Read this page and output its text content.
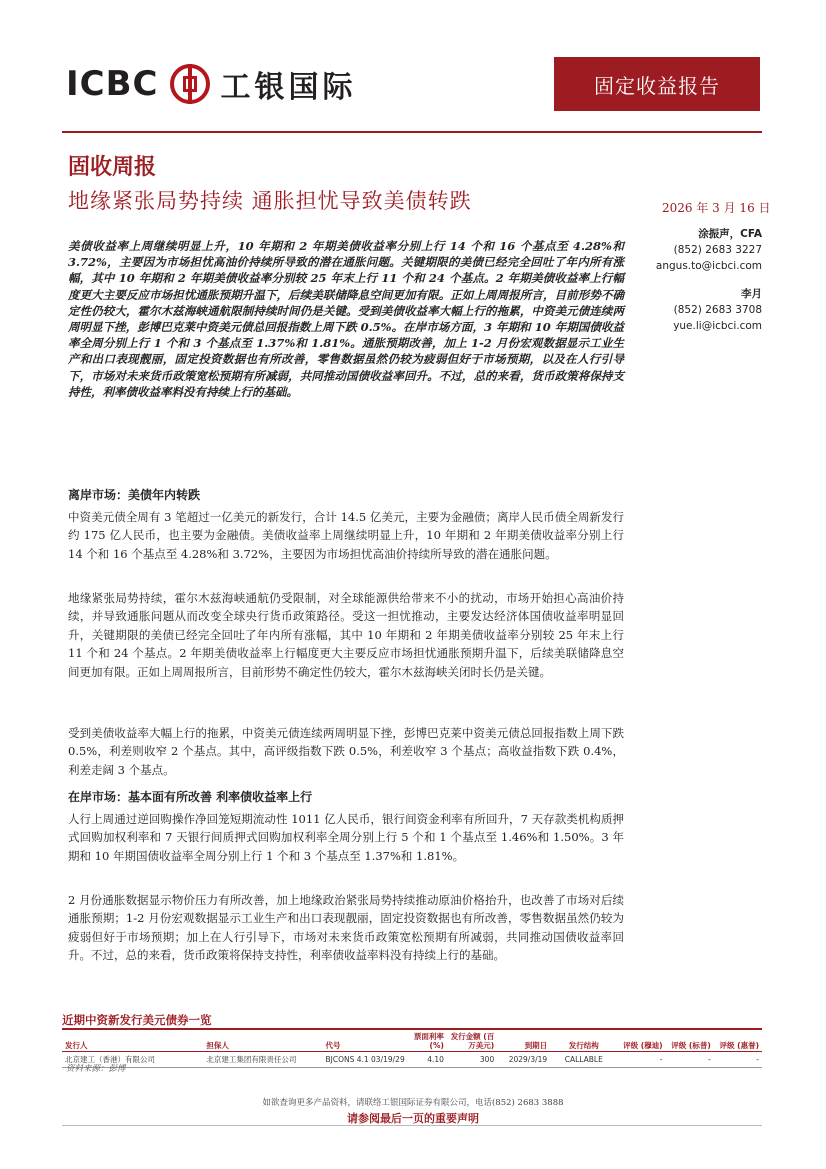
ICBC 工银国际	固定收益报告
固收周报
地缘紧张局势持续 通胀担忧导致美债转跌	2026 年 3 月 16 日
涂振声，CFA
(852) 2683 3227
angus.to@icbci.com
李月
(852) 2683 3708
yue.li@icbci.com
美债收益率上周继续明显上升，10 年期和 2 年期美债收益率分别上行 14 个和 16 个基点至 4.28%和 3.72%，主要因为市场担忧高油价持续所导致的潜在通胀问题。关键期限的美债已经完全回吐了年内所有涨幅，其中 10 年期和 2 年期美债收益率分别较 25 年末上行 11 个和 24 个基点。2 年期美债收益率上行幅度更大主要反应市场担忧通胀预期升温下，后续美联储降息空间更加有限。正如上周周报所言，目前形势不确定性仍较大，霍尔木兹海峡通航限制持续时间仍是关键。受到美债收益率大幅上行的拖累，中资美元债连续两周明显下挫，彭博巴克莱中资美元债总回报指数上周下跌 0.5%。在岸市场方面，3 年期和 10 年期国债收益率全周分别上行 1 个和 3 个基点至 1.37%和 1.81%。通胀预期改善，加上 1-2 月份宏观数据显示工业生产和出口表现靓丽，固定投资数据也有所改善，零售数据虽然仍较为疲弱但好于市场预期，以及在人行引导下，市场对未来货币政策宽松预期有所减弱，共同推动国债收益率回升。不过，总的来看，货币政策将保持支持性，利率债收益率料没有持续上行的基础。
离岸市场：美债年内转跌
中资美元债全周有 3 笔超过一亿美元的新发行，合计 14.5 亿美元，主要为金融债；离岸人民币债全周新发行约 175 亿人民币，也主要为金融债。美债收益率上周继续明显上升，10 年期和 2 年期美债收益率分别上行 14 个和 16 个基点至 4.28%和 3.72%，主要因为市场担忧高油价持续所导致的潜在通胀问题。
地缘紧张局势持续，霍尔木兹海峡通航仍受限制，对全球能源供给带来不小的扰动，市场开始担心高油价持续，并导致通胀问题从而改变全球央行货币政策路径。受这一担忧推动，主要发达经济体国债收益率明显回升，关键期限的美债已经完全回吐了年内所有涨幅，其中 10 年期和 2 年期美债收益率分别较 25 年末上行 11 个和 24 个基点。2 年期美债收益率上行幅度更大主要反应市场担忧通胀预期升温下，后续美联储降息空间更加有限。正如上周周报所言，目前形势不确定性仍较大，霍尔木兹海峡关闭时长仍是关键。
受到美债收益率大幅上行的拖累，中资美元债连续两周明显下挫，彭博巴克莱中资美元债总回报指数上周下跌 0.5%，利差则收窄 2 个基点。其中，高评级指数下跌 0.5%，利差收窄 3 个基点；高收益指数下跌 0.4%，利差走阔 3 个基点。
在岸市场：基本面有所改善 利率债收益率上行
人行上周通过逆回购操作净回笼短期流动性 1011 亿人民币，银行间资金利率有所回升，7 天存款类机构质押式回购加权利率和 7 天银行间质押式回购加权利率全周分别上行 5 个和 1 个基点至 1.46%和 1.50%。3 年期和 10 年期国债收益率全周分别上行 1 个和 3 个基点至 1.37%和 1.81%。
2 月份通胀数据显示物价压力有所改善，加上地缘政治紧张局势持续推动原油价格抬升，也改善了市场对后续通胀预期；1-2 月份宏观数据显示工业生产和出口表现靓丽，固定投资数据也有所改善，零售数据虽然仍较为疲弱但好于市场预期；加上在人行引导下，市场对未来货币政策宽松预期有所减弱，共同推动国债收益率回升。不过，总的来看，货币政策将保持支持性，利率债收益率料没有持续上行的基础。
近期中资新发行美元债券一览
发行人	担保人	代号	票面利率 (%)	发行金额 (百万美元)	到期日	发行结构	评级 (穆迪)	评级 (标普)	评级 (惠誉)
北京建工（香港）有限公司	北京建工集团有限责任公司	BJCONS 4.1 03/19/29	4.10	300	2029/3/19	CALLABLE	-	-	-
资料来源：彭博
如欲查询更多产品资料，请联络工银国际证券有限公司，电话(852) 2683 3888
请参阅最后一页的重要声明
